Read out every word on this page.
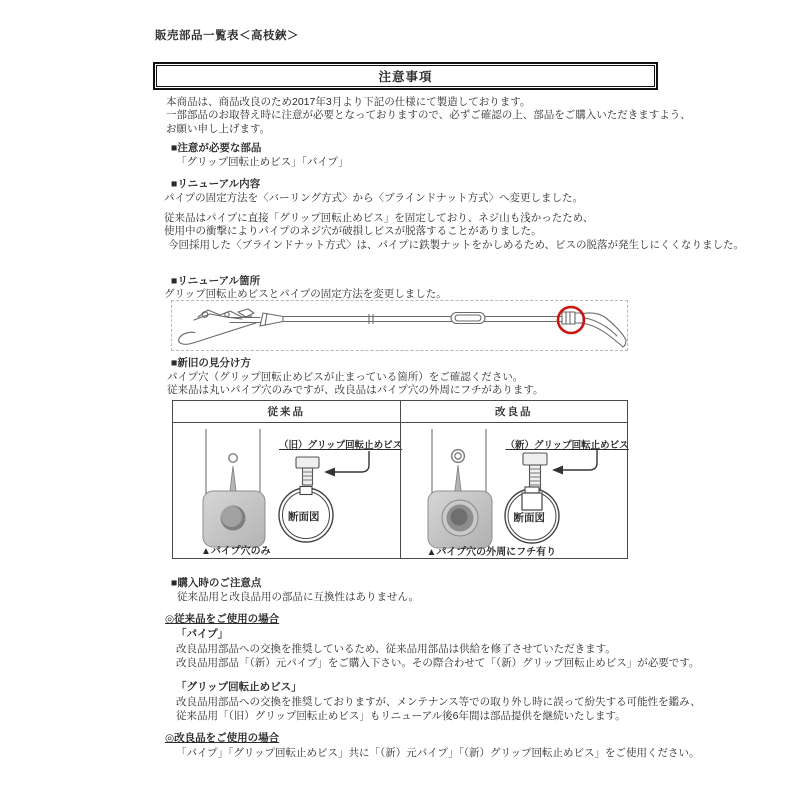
販売部品一覧表＜高枝鋏＞
注意事項
本商品は、商品改良のため2017年3月より下記の仕様にて製造しております。
一部部品のお取替え時に注意が必要となっておりますので、必ずご確認の上、部品をご購入いただきますよう、
お願い申し上げます。
■注意が必要な部品
「グリップ回転止めビス」「パイプ」
■リニューアル内容
パイプの固定方法を〈バーリング方式〉から〈ブラインドナット方式〉へ変更しました。
従来品はパイプに直接「グリップ回転止めビス」を固定しており、ネジ山も浅かったため、
使用中の衝撃によりパイプのネジ穴が破損しビスが脱落することがありました。
今回採用した〈ブラインドナット方式〉は、パイプに鉄製ナットをかしめるため、ビスの脱落が発生しにくくなりました。
■リニューアル箇所
グリップ回転止めビスとパイプの固定方法を変更しました。
■新旧の見分け方
パイプ穴（グリップ回転止めビスが止まっている箇所）をご確認ください。
従来品は丸いパイプ穴のみですが、改良品はパイプ穴の外周にフチがあります。
従来品	改良品
（旧）グリップ回転止めビス
断面図
▲パイプ穴のみ
（新）グリップ回転止めビス
断面図
▲パイプ穴の外周にフチ有り
■購入時のご注意点
従来品用と改良品用の部品に互換性はありません。
◎従来品をご使用の場合
「パイプ」
改良品用部品への交換を推奨しているため、従来品用部品は供給を修了させていただきます。
改良品用部品「（新）元パイプ」をご購入下さい。その際合わせて「（新）グリップ回転止めビス」が必要です。
「グリップ回転止めビス」
改良品用部品への交換を推奨しておりますが、メンテナンス等での取り外し時に誤って紛失する可能性を鑑み、
従来品用「（旧）グリップ回転止めビス」もリニューアル後6年間は部品提供を継続いたします。
◎改良品をご使用の場合
「パイプ」「グリップ回転止めビス」共に「（新）元パイプ」「（新）グリップ回転止めビス」をご使用ください。
